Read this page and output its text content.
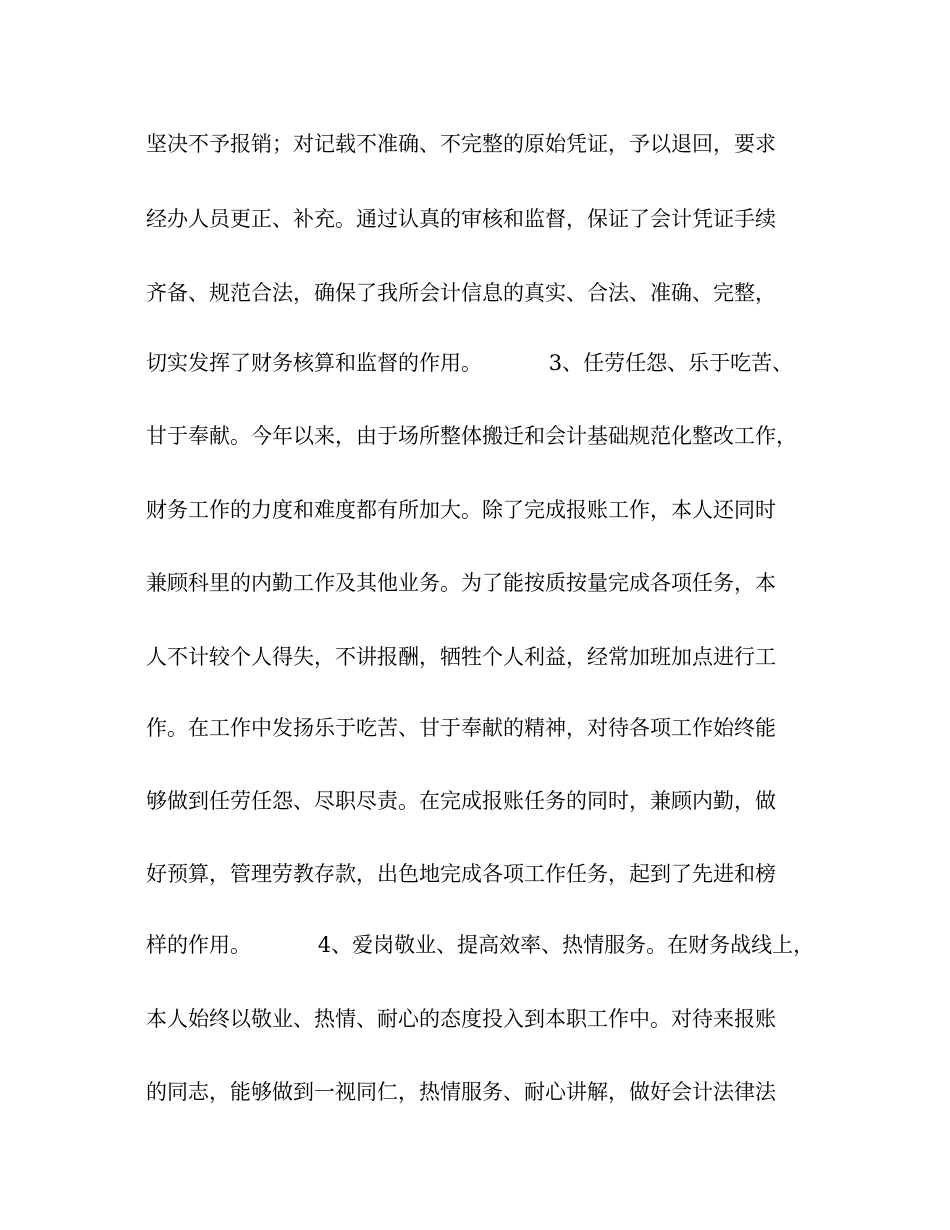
坚决不予报销；对记载不准确、不完整的原始凭证，予以退回，要求
经办人员更正、补充。通过认真的审核和监督，保证了会计凭证手续
齐备、规范合法，确保了我所会计信息的真实、合法、准确、完整，
切实发挥了财务核算和监督的作用。          3、任劳任怨、乐于吃苦、
甘于奉献。今年以来，由于场所整体搬迁和会计基础规范化整改工作，
财务工作的力度和难度都有所加大。除了完成报账工作，本人还同时
兼顾科里的内勤工作及其他业务。为了能按质按量完成各项任务，本
人不计较个人得失，不讲报酬，牺牲个人利益，经常加班加点进行工
作。在工作中发扬乐于吃苦、甘于奉献的精神，对待各项工作始终能
够做到任劳任怨、尽职尽责。在完成报账任务的同时，兼顾内勤，做
好预算，管理劳教存款，出色地完成各项工作任务，起到了先进和榜
样的作用。          4、爱岗敬业、提高效率、热情服务。在财务战线上，
本人始终以敬业、热情、耐心的态度投入到本职工作中。对待来报账
的同志，能够做到一视同仁，热情服务、耐心讲解，做好会计法律法
